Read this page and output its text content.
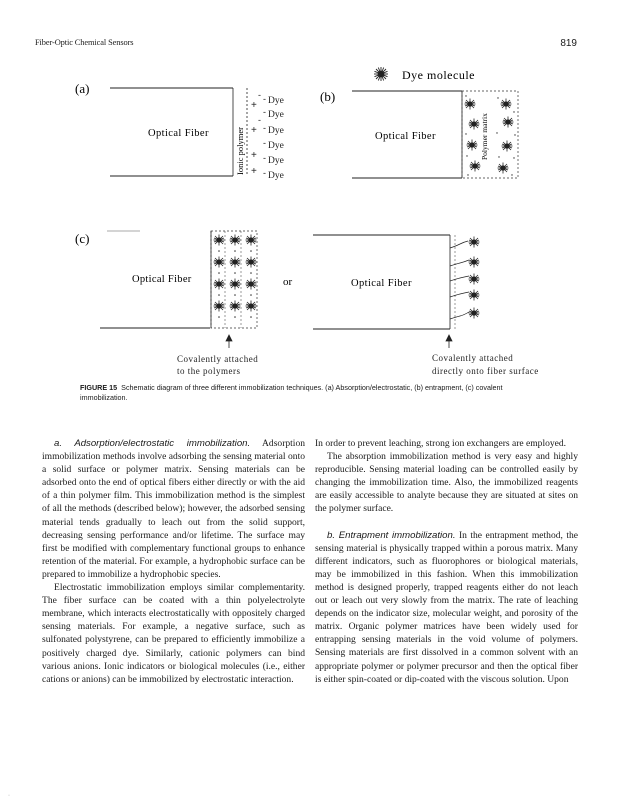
Fiber-Optic Chemical Sensors	819
Dye molecule
(a)
Optical Fiber	Ionic polymer
+
+
+
+
-
-
-
-
-
-
-
-
Dye
Dye
Dye
Dye
Dye
Dye
(b)
Optical Fiber	Polymer matrix
(c)
Optical Fiber	or	Optical Fiber
Covalently attached
to the polymers
Covalently attached
directly onto fiber surface
FIGURE 15 Schematic diagram of three different immobilization techniques. (a) Absorption/electrostatic, (b) entrapment, (c) covalent immobilization.

a. Adsorption/electrostatic immobilization. Adsorption immobilization methods involve adsorbing the sensing material onto a solid surface or polymer matrix. Sensing materials can be adsorbed onto the end of optical fibers either directly or with the aid of a thin polymer film. This immobilization method is the simplest of all the methods (described below); however, the adsorbed sensing material tends gradually to leach out from the solid support, decreasing sensing performance and/or lifetime. The surface may first be modified with complementary functional groups to enhance retention of the material. For example, a hydrophobic surface can be prepared to immobilize a hydrophobic species.

Electrostatic immobilization employs similar complementarity. The fiber surface can be coated with a thin polyelectrolyte membrane, which interacts electrostatically with oppositely charged sensing materials. For example, a negative surface, such as sulfonated polystyrene, can be prepared to efficiently immobilize a positively charged dye. Similarly, cationic polymers can bind various anions. Ionic indicators or biological molecules (i.e., either cations or anions) can be immobilized by electrostatic interaction.

In order to prevent leaching, strong ion exchangers are employed.

The absorption immobilization method is very easy and highly reproducible. Sensing material loading can be controlled easily by changing the immobilization time. Also, the immobilized reagents are easily accessible to analyte because they are situated at sites on the polymer surface.

b. Entrapment immobilization. In the entrapment method, the sensing material is physically trapped within a porous matrix. Many different indicators, such as fluorophores or biological materials, may be immobilized in this fashion. When this immobilization method is designed properly, trapped reagents either do not leach out or leach out very slowly from the matrix. The rate of leaching depends on the indicator size, molecular weight, and porosity of the matrix. Organic polymer matrices have been widely used for entrapping sensing materials in the void volume of polymers. Sensing materials are first dissolved in a common solvent with an appropriate polymer or polymer precursor and then the optical fiber is either spin-coated or dip-coated with the viscous solution. Upon

·
